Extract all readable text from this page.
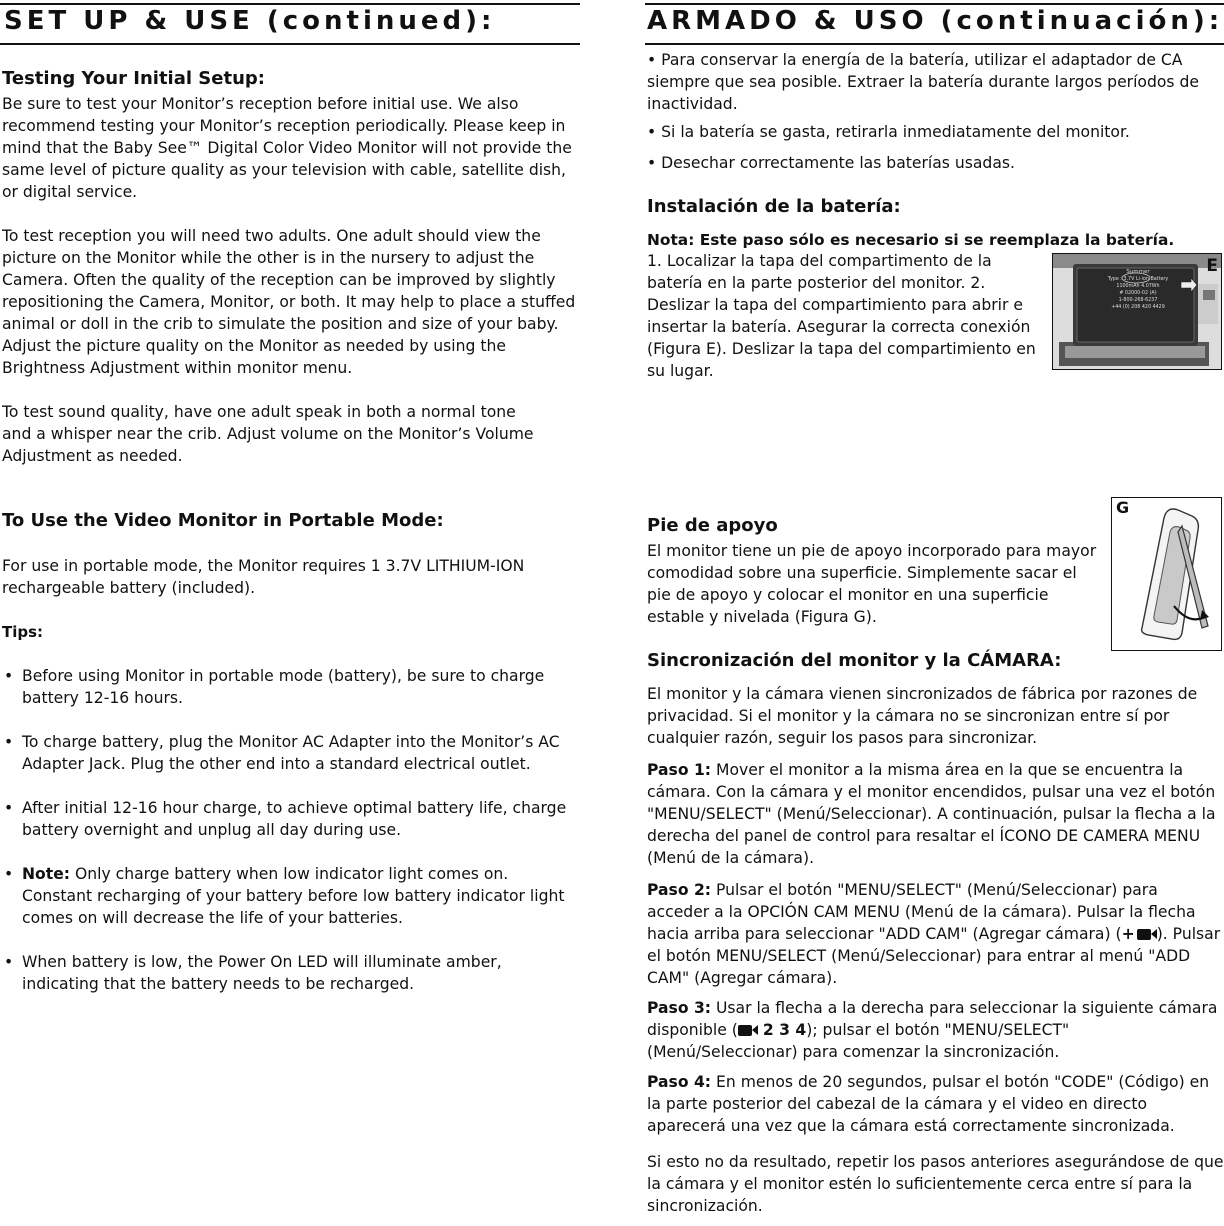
SET UP & USE (continued):
Testing Your Initial Setup:

Be sure to test your Monitor’s reception before initial use. We also recommend testing your Monitor’s reception periodically. Please keep in mind that the Baby See™ Digital Color Video Monitor will not provide the same level of picture quality as your television with cable, satellite dish, or digital service.

To test reception you will need two adults. One adult should view the picture on the Monitor while the other is in the nursery to adjust the Camera. Often the quality of the reception can be improved by slightly repositioning the Camera, Monitor, or both. It may help to place a stuffed animal or doll in the crib to simulate the position and size of your baby. Adjust the picture quality on the Monitor as needed by using the Brightness Adjustment within monitor menu.

To test sound quality, have one adult speak in both a normal tone and a whisper near the crib. Adjust volume on the Monitor’s Volume Adjustment as needed.

To Use the Video Monitor in Portable Mode:

For use in portable mode, the Monitor requires 1 3.7V LITHIUM-ION rechargeable battery (included).

Tips:
• Before using Monitor in portable mode (battery), be sure to charge battery 12-16 hours.
• To charge battery, plug the Monitor AC Adapter into the Monitor’s AC Adapter Jack. Plug the other end into a standard electrical outlet.
• After initial 12-16 hour charge, to achieve optimal battery life, charge battery overnight and unplug all day during use.
• Note: Only charge battery when low indicator light comes on. Constant recharging of your battery before low battery indicator light comes on will decrease the life of your batteries.
• When battery is low, the Power On LED will illuminate amber, indicating that the battery needs to be recharged.
ARMADO & USO (continuación):
• Para conservar la energía de la batería, utilizar el adaptador de CA siempre que sea posible. Extraer la batería durante largos períodos de inactividad.
• Si la batería se gasta, retirarla inmediatamente del monitor.
• Desechar correctamente las baterías usadas.
Instalación de la batería:
Nota: Este paso sólo es necesario si se reemplaza la batería.

1. Localizar la tapa del compartimento de la batería en la parte posterior del monitor. 2. Deslizar la tapa del compartimiento para abrir e insertar la batería. Asegurar la correcta conexión (Figura E). Deslizar la tapa del compartimiento en su lugar.

Summer
Type : 3.7V Li-ion Battery
1100mAh 4.07Wh
# 02000-02 (A)
1-800-268-6237
+44 (0) 208 420 4429
E
G
Pie de apoyo

El monitor tiene un pie de apoyo incorporado para mayor comodidad sobre una superficie. Simplemente sacar el pie de apoyo y colocar el monitor en una superficie estable y nivelada (Figura G).

Sincronización del monitor y la CÁMARA:

El monitor y la cámara vienen sincronizados de fábrica por razones de privacidad. Si el monitor y la cámara no se sincronizan entre sí por cualquier razón, seguir los pasos para sincronizar.

Paso 1: Mover el monitor a la misma área en la que se encuentra la cámara. Con la cámara y el monitor encendidos, pulsar una vez el botón "MENU/SELECT" (Menú/Seleccionar). A continuación, pulsar la flecha a la derecha del panel de control para resaltar el ÍCONO DE CAMERA MENU (Menú de la cámara).

Paso 2: Pulsar el botón "MENU/SELECT" (Menú/Seleccionar) para acceder a la OPCIÓN CAM MENU (Menú de la cámara). Pulsar la flecha hacia arriba para seleccionar "ADD CAM" (Agregar cámara) (+ ). Pulsar el botón MENU/SELECT (Menú/Seleccionar) para entrar al menú "ADD CAM" (Agregar cámara).

Paso 3: Usar la flecha a la derecha para seleccionar la siguiente cámara disponible ( 2 3 4); pulsar el botón "MENU/SELECT" (Menú/Seleccionar) para comenzar la sincronización.

Paso 4: En menos de 20 segundos, pulsar el botón "CODE" (Código) en la parte posterior del cabezal de la cámara y el video en directo aparecerá una vez que la cámara está correctamente sincronizada.

Si esto no da resultado, repetir los pasos anteriores asegurándose de que la cámara y el monitor estén lo suficientemente cerca entre sí para la sincronización.
